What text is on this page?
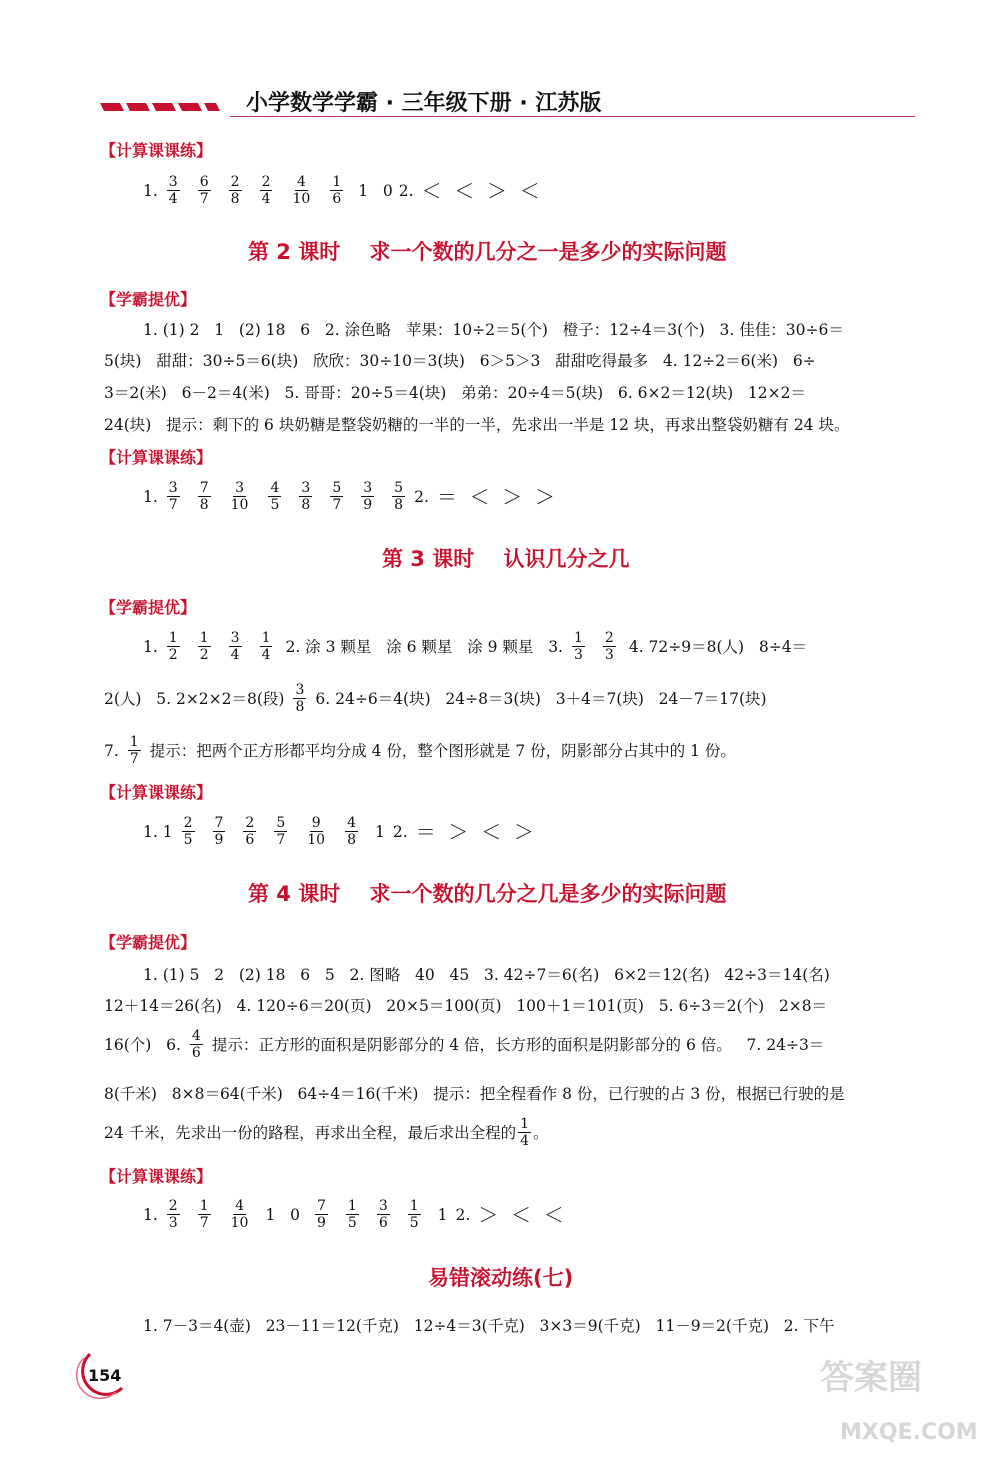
小学数学学霸 · 三年级下册 · 江苏版
【计算课课练】
1. $\frac{3}{4} \frac{6}{7} \frac{2}{8} \frac{2}{4} \frac{4}{10} \frac{1}{6} 1$   0 2. ＜  ＜  ＞  ＜
第 2 课时    求一个数的几分之一是多少的实际问题
【学霸提优】
1. (1) 2   1   (2) 18   6   2. 涂色略   苹果：10÷2＝5(个)   橙子：12÷4＝3(个)   3. 佳佳：30÷6＝
5(块)   甜甜：30÷5＝6(块)   欣欣：30÷10＝3(块)   6＞5＞3   甜甜吃得最多   4. 12÷2＝6(米)   6÷
3＝2(米)   6－2＝4(米)   5. 哥哥：20÷5＝4(块)   弟弟：20÷4＝5(块)   6. 6×2＝12(块)   12×2＝
24(块)   提示：剩下的 6 块奶糖是整袋奶糖的一半的一半，先求出一半是 12 块，再求出整袋奶糖有 24 块。
【计算课课练】
1. $\frac{3}{7} \frac{7}{8} \frac{3}{10} \frac{4}{5} \frac{3}{8} \frac{5}{7} \frac{3}{9} \frac{5}{8} 2$. ＝  ＜  ＞  ＞
第 3 课时    认识几分之几
【学霸提优】
1. $\frac{1}{2} \frac{1}{2} \frac{3}{4} \frac{1}{4} 2$. 涂 3 颗星   涂 6 颗星   涂 9 颗星   3. $\frac{1}{3} \frac{2}{3} 4$. 72÷9＝8(人)   8÷4＝
2(人)   5. 2×2×2＝8(段) $\frac{3}{8} 6$. 24÷6＝4(块)   24÷8＝3(块)   3＋4＝7(块)   24－7＝17(块)
7. $\frac{1}{7}$ 提示：把两个正方形都平均分成 4 份，整个图形就是 7 份，阴影部分占其中的 1 份。
【计算课课练】
1. $1 \frac{2}{5} \frac{7}{9} \frac{2}{6} \frac{5}{7} \frac{9}{10} \frac{4}{8} 1$ 2. ＝  ＞  ＜  ＞
第 4 课时    求一个数的几分之几是多少的实际问题
【学霸提优】
1. (1) 5   2   (2) 18   6   5   2. 图略   40   45   3. 42÷7＝6(名)   6×2＝12(名)   42÷3＝14(名)
12＋14＝26(名)   4. 120÷6＝20(页)   20×5＝100(页)   100＋1＝101(页)   5. 6÷3＝2(个)   2×8＝
16(个)   6. $\frac{4}{6}$ 提示：正方形的面积是阴影部分的 4 倍，长方形的面积是阴影部分的 6 倍。   7. 24÷3＝
8(千米)   8×8＝64(千米)   64÷4＝16(千米)   提示：把全程看作 8 份，已行驶的占 3 份，根据已行驶的是
24 千米，先求出一份的路程，再求出全程，最后求出全程的 $\frac{1}{4}$ 。
【计算课课练】
1. $\frac{2}{3} \frac{1}{7} \frac{4}{10} 1$   $0 \frac{7}{9} \frac{1}{5} \frac{3}{6} \frac{1}{5} 1$ 2. ＞  ＜  ＜
易错滚动练(七)
1. 7－3＝4(壶)   23－11＝12(千克)   12÷4＝3(千克)   3×3＝9(千克)   11－9＝2(千克)   2. 下午
154	答案圈
MXQE.COM
